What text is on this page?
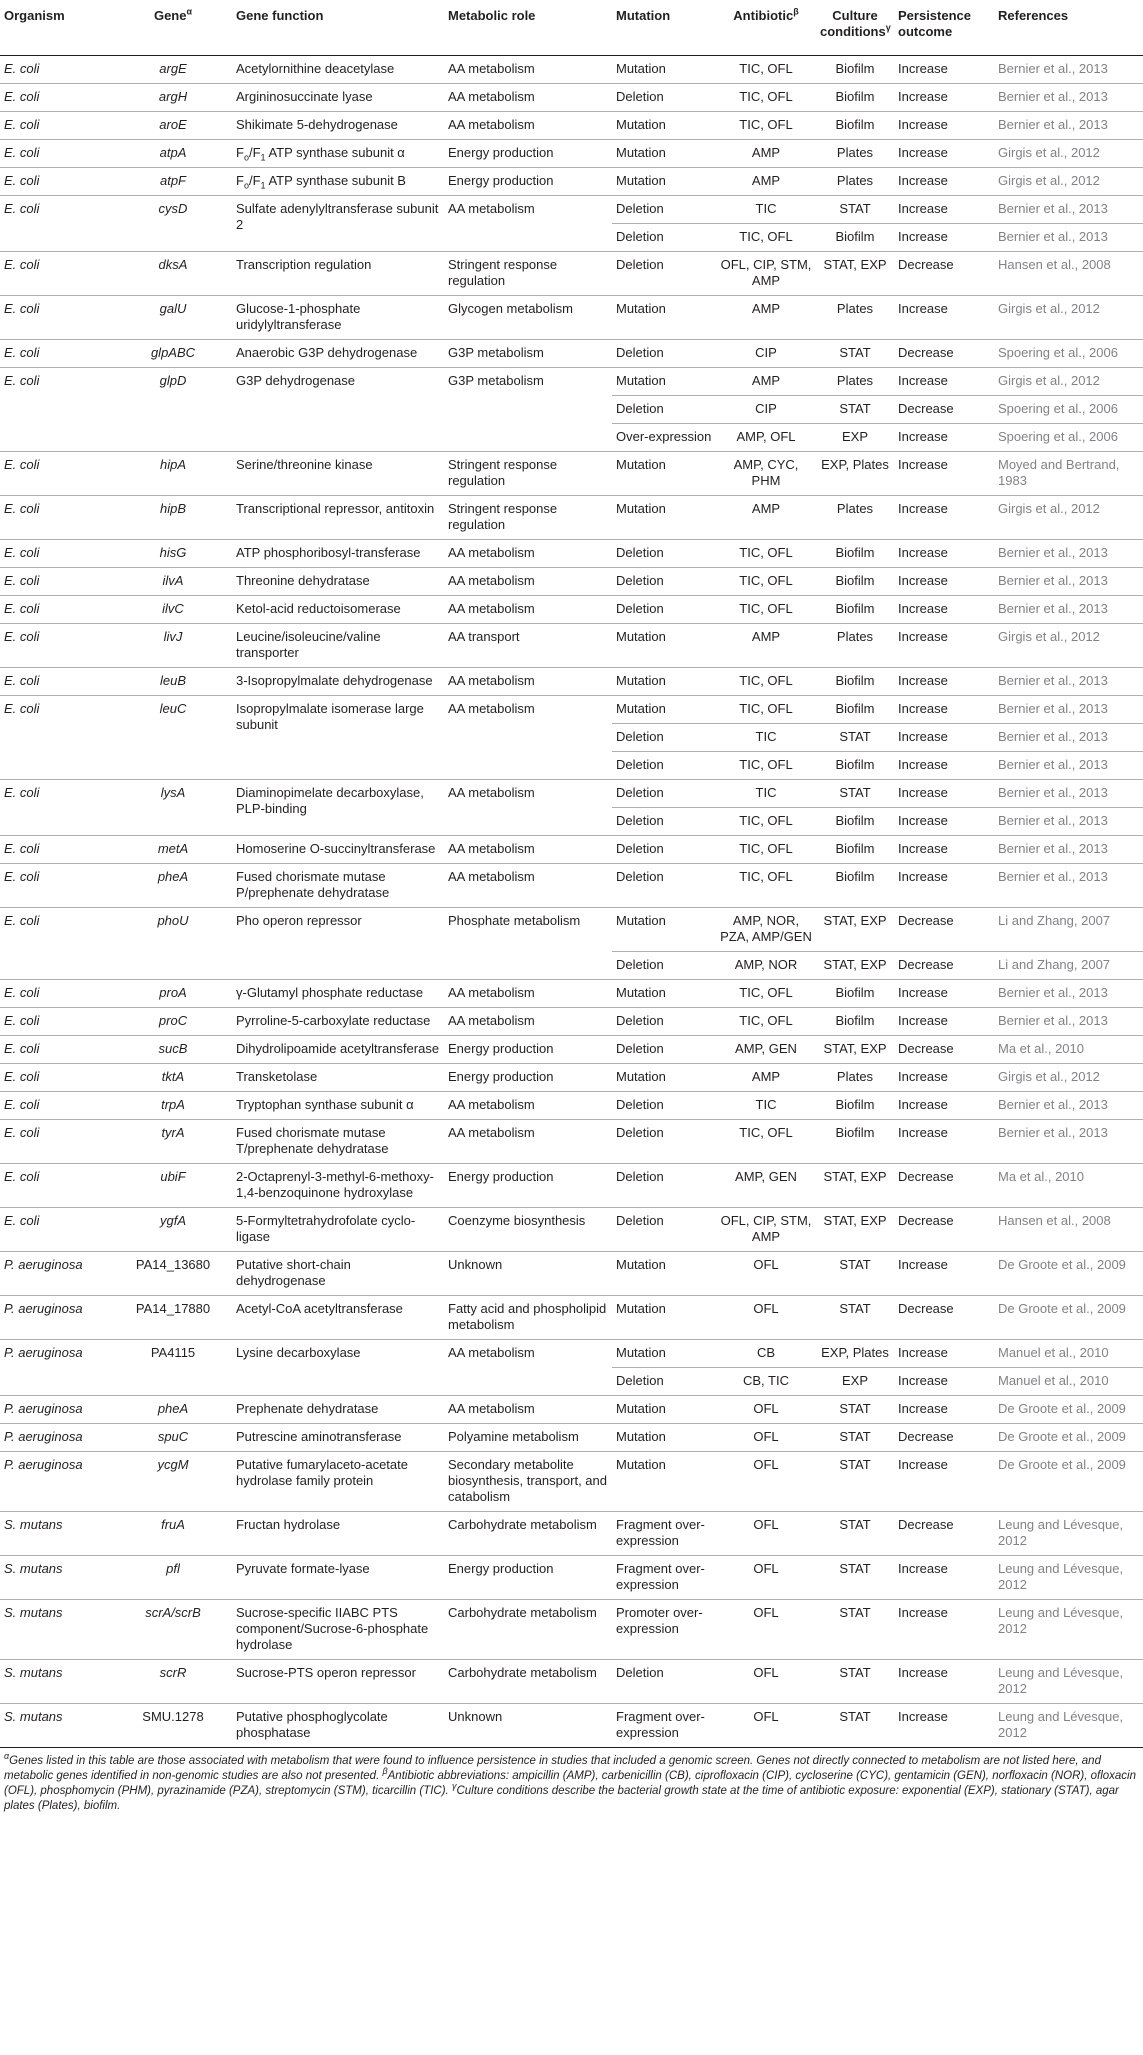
Organism	Gene$^\alpha$	Gene function	Metabolic role	Mutation	Antibiotic$^\beta$	Culture conditions$^\gamma$	Persistence outcome	References
E. coli	argE	Acetylornithine deacetylase	AA metabolism	Mutation	TIC, OFL	Biofilm	Increase	Bernier et al., 2013
E. coli	argH	Argininosuccinate lyase	AA metabolism	Deletion	TIC, OFL	Biofilm	Increase	Bernier et al., 2013
E. coli	aroE	Shikimate 5-dehydrogenase	AA metabolism	Mutation	TIC, OFL	Biofilm	Increase	Bernier et al., 2013
E. coli	atpA	$F_o/F_1$ ATP synthase subunit α	Energy production	Mutation	AMP	Plates	Increase	Girgis et al., 2012
E. coli	atpF	$F_o/F_1$ ATP synthase subunit B	Energy production	Mutation	AMP	Plates	Increase	Girgis et al., 2012
E. coli	cysD	Sulfate adenylyltransferase subunit 2	AA metabolism	Deletion	TIC	STAT	Increase	Bernier et al., 2013
				Deletion	TIC, OFL	Biofilm	Increase	Bernier et al., 2013
E. coli	dksA	Transcription regulation	Stringent response regulation	Deletion	OFL, CIP, STM, AMP	STAT, EXP	Decrease	Hansen et al., 2008
E. coli	galU	Glucose-1-phosphate uridylyltransferase	Glycogen metabolism	Mutation	AMP	Plates	Increase	Girgis et al., 2012
E. coli	glpABC	Anaerobic G3P dehydrogenase	G3P metabolism	Deletion	CIP	STAT	Decrease	Spoering et al., 2006
E. coli	glpD	G3P dehydrogenase	G3P metabolism	Mutation	AMP	Plates	Increase	Girgis et al., 2012
				Deletion	CIP	STAT	Decrease	Spoering et al., 2006
				Over-expression	AMP, OFL	EXP	Increase	Spoering et al., 2006
E. coli	hipA	Serine/threonine kinase	Stringent response regulation	Mutation	AMP, CYC, PHM	EXP, Plates	Increase	Moyed and Bertrand, 1983
E. coli	hipB	Transcriptional repressor, antitoxin	Stringent response regulation	Mutation	AMP	Plates	Increase	Girgis et al., 2012
E. coli	hisG	ATP phosphoribosyl-transferase	AA metabolism	Deletion	TIC, OFL	Biofilm	Increase	Bernier et al., 2013
E. coli	ilvA	Threonine dehydratase	AA metabolism	Deletion	TIC, OFL	Biofilm	Increase	Bernier et al., 2013
E. coli	ilvC	Ketol-acid reductoisomerase	AA metabolism	Deletion	TIC, OFL	Biofilm	Increase	Bernier et al., 2013
E. coli	livJ	Leucine/isoleucine/valine transporter	AA transport	Mutation	AMP	Plates	Increase	Girgis et al., 2012
E. coli	leuB	3-Isopropylmalate dehydrogenase	AA metabolism	Mutation	TIC, OFL	Biofilm	Increase	Bernier et al., 2013
E. coli	leuC	Isopropylmalate isomerase large subunit	AA metabolism	Mutation	TIC, OFL	Biofilm	Increase	Bernier et al., 2013
				Deletion	TIC	STAT	Increase	Bernier et al., 2013
				Deletion	TIC, OFL	Biofilm	Increase	Bernier et al., 2013
E. coli	lysA	Diaminopimelate decarboxylase, PLP-binding	AA metabolism	Deletion	TIC	STAT	Increase	Bernier et al., 2013
				Deletion	TIC, OFL	Biofilm	Increase	Bernier et al., 2013
E. coli	metA	Homoserine O-succinyltransferase	AA metabolism	Deletion	TIC, OFL	Biofilm	Increase	Bernier et al., 2013
E. coli	pheA	Fused chorismate mutase P/prephenate dehydratase	AA metabolism	Deletion	TIC, OFL	Biofilm	Increase	Bernier et al., 2013
E. coli	phoU	Pho operon repressor	Phosphate metabolism	Mutation	AMP, NOR, PZA, AMP/GEN	STAT, EXP	Decrease	Li and Zhang, 2007
				Deletion	AMP, NOR	STAT, EXP	Decrease	Li and Zhang, 2007
E. coli	proA	γ-Glutamyl phosphate reductase	AA metabolism	Mutation	TIC, OFL	Biofilm	Increase	Bernier et al., 2013
E. coli	proC	Pyrroline-5-carboxylate reductase	AA metabolism	Deletion	TIC, OFL	Biofilm	Increase	Bernier et al., 2013
E. coli	sucB	Dihydrolipoamide acetyltransferase	Energy production	Deletion	AMP, GEN	STAT, EXP	Decrease	Ma et al., 2010
E. coli	tktA	Transketolase	Energy production	Mutation	AMP	Plates	Increase	Girgis et al., 2012
E. coli	trpA	Tryptophan synthase subunit α	AA metabolism	Deletion	TIC	Biofilm	Increase	Bernier et al., 2013
E. coli	tyrA	Fused chorismate mutase T/prephenate dehydratase	AA metabolism	Deletion	TIC, OFL	Biofilm	Increase	Bernier et al., 2013
E. coli	ubiF	2-Octaprenyl-3-methyl-6-methoxy-1,4-benzoquinone hydroxylase	Energy production	Deletion	AMP, GEN	STAT, EXP	Decrease	Ma et al., 2010
E. coli	ygfA	5-Formyltetrahydrofolate cyclo-ligase	Coenzyme biosynthesis	Deletion	OFL, CIP, STM, AMP	STAT, EXP	Decrease	Hansen et al., 2008
P. aeruginosa	PA14_13680	Putative short-chain dehydrogenase	Unknown	Mutation	OFL	STAT	Increase	De Groote et al., 2009
P. aeruginosa	PA14_17880	Acetyl-CoA acetyltransferase	Fatty acid and phospholipid metabolism	Mutation	OFL	STAT	Decrease	De Groote et al., 2009
P. aeruginosa	PA4115	Lysine decarboxylase	AA metabolism	Mutation	CB	EXP, Plates	Increase	Manuel et al., 2010
				Deletion	CB, TIC	EXP	Increase	Manuel et al., 2010
P. aeruginosa	pheA	Prephenate dehydratase	AA metabolism	Mutation	OFL	STAT	Increase	De Groote et al., 2009
P. aeruginosa	spuC	Putrescine aminotransferase	Polyamine metabolism	Mutation	OFL	STAT	Decrease	De Groote et al., 2009
P. aeruginosa	ycgM	Putative fumarylaceto-acetate hydrolase family protein	Secondary metabolite biosynthesis, transport, and catabolism	Mutation	OFL	STAT	Increase	De Groote et al., 2009
S. mutans	fruA	Fructan hydrolase	Carbohydrate metabolism	Fragment over-expression	OFL	STAT	Decrease	Leung and Lévesque, 2012
S. mutans	pfl	Pyruvate formate-lyase	Energy production	Fragment over-expression	OFL	STAT	Increase	Leung and Lévesque, 2012
S. mutans	scrA/scrB	Sucrose-specific IIABC PTS component/Sucrose-6-phosphate hydrolase	Carbohydrate metabolism	Promoter over-expression	OFL	STAT	Increase	Leung and Lévesque, 2012
S. mutans	scrR	Sucrose-PTS operon repressor	Carbohydrate metabolism	Deletion	OFL	STAT	Increase	Leung and Lévesque, 2012
S. mutans	SMU.1278	Putative phosphoglycolate phosphatase	Unknown	Fragment over-expression	OFL	STAT	Increase	Leung and Lévesque, 2012
$^\alpha$Genes listed in this table are those associated with metabolism that were found to influence persistence in studies that included a genomic screen. Genes not directly connected to metabolism are not listed here, and metabolic genes identified in non-genomic studies are also not presented. $^\beta$Antibiotic abbreviations: ampicillin (AMP), carbenicillin (CB), ciprofloxacin (CIP), cycloserine (CYC), gentamicin (GEN), norfloxacin (NOR), ofloxacin (OFL), phosphomycin (PHM), pyrazinamide (PZA), streptomycin (STM), ticarcillin (TIC). $^\gamma$Culture conditions describe the bacterial growth state at the time of antibiotic exposure: exponential (EXP), stationary (STAT), agar plates (Plates), biofilm.
